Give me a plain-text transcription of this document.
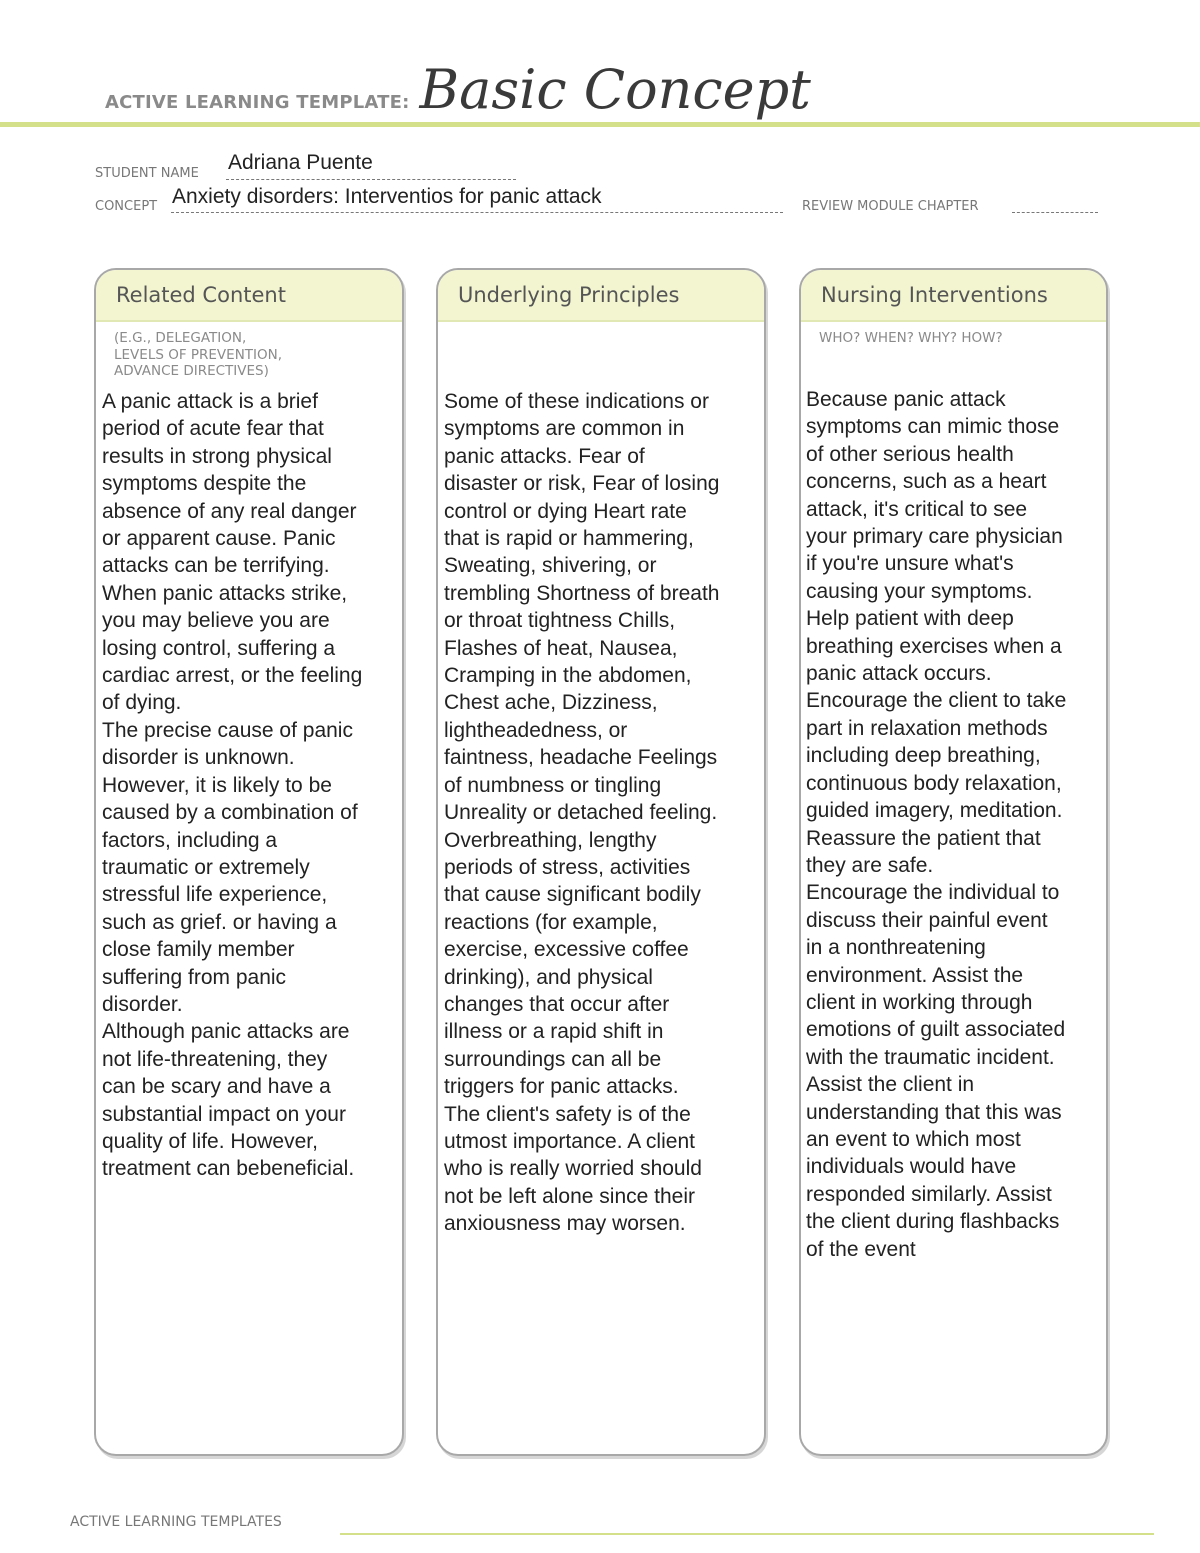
ACTIVE LEARNING TEMPLATE: Basic Concept
STUDENT NAME Adriana Puente
CONCEPT Anxiety disorders: Interventios for panic attack	REVIEW MODULE CHAPTER
Related Content
(E.G., DELEGATION,
LEVELS OF PREVENTION,
ADVANCE DIRECTIVES)
A panic attack is a brief
period of acute fear that
results in strong physical
symptoms despite the
absence of any real danger
or apparent cause. Panic
attacks can be terrifying.
When panic attacks strike,
you may believe you are
losing control, suffering a
cardiac arrest, or the feeling
of dying.
The precise cause of panic
disorder is unknown.
However, it is likely to be
caused by a combination of
factors, including a
traumatic or extremely
stressful life experience,
such as grief. or having a
close family member
suffering from panic
disorder.
Although panic attacks are
not life-threatening, they
can be scary and have a
substantial impact on your
quality of life. However,
treatment can bebeneficial.
Underlying Principles
Some of these indications or
symptoms are common in
panic attacks. Fear of
disaster or risk, Fear of losing
control or dying Heart rate
that is rapid or hammering,
Sweating, shivering, or
trembling Shortness of breath
or throat tightness Chills,
Flashes of heat, Nausea,
Cramping in the abdomen,
Chest ache, Dizziness,
lightheadedness, or
faintness, headache Feelings
of numbness or tingling
Unreality or detached feeling.
Overbreathing, lengthy
periods of stress, activities
that cause significant bodily
reactions (for example,
exercise, excessive coffee
drinking), and physical
changes that occur after
illness or a rapid shift in
surroundings can all be
triggers for panic attacks.
The client's safety is of the
utmost importance. A client
who is really worried should
not be left alone since their
anxiousness may worsen.
Nursing Interventions
WHO? WHEN? WHY? HOW?
Because panic attack
symptoms can mimic those
of other serious health
concerns, such as a heart
attack, it's critical to see
your primary care physician
if you're unsure what's
causing your symptoms.
Help patient with deep
breathing exercises when a
panic attack occurs.
Encourage the client to take
part in relaxation methods
including deep breathing,
continuous body relaxation,
guided imagery, meditation.
Reassure the patient that
they are safe.
Encourage the individual to
discuss their painful event
in a nonthreatening
environment. Assist the
client in working through
emotions of guilt associated
with the traumatic incident.
Assist the client in
understanding that this was
an event to which most
individuals would have
responded similarly. Assist
the client during flashbacks
of the event
ACTIVE LEARNING TEMPLATES
